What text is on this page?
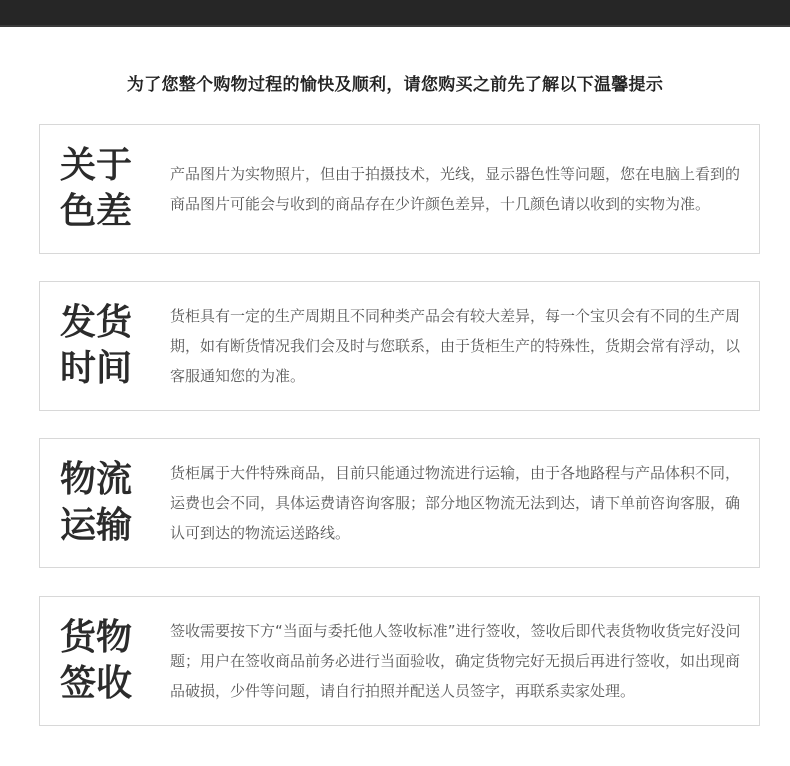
为了您整个购物过程的愉快及顺利，请您购买之前先了解以下温馨提示
关于色差
产品图片为实物照片，但由于拍摄技术，光线，显示器色性等问题，您在电脑上看到的商品图片可能会与收到的商品存在少许颜色差异，十几颜色请以收到的实物为准。
发货时间
货柜具有一定的生产周期且不同种类产品会有较大差异，每一个宝贝会有不同的生产周期，如有断货情况我们会及时与您联系，由于货柜生产的特殊性，货期会常有浮动，以客服通知您的为准。
物流运输
货柜属于大件特殊商品，目前只能通过物流进行运输，由于各地路程与产品体积不同，运费也会不同，具体运费请咨询客服；部分地区物流无法到达，请下单前咨询客服，确认可到达的物流运送路线。
货物签收
签收需要按下方“当面与委托他人签收标准”进行签收，签收后即代表货物收货完好没问题；用户在签收商品前务必进行当面验收，确定货物完好无损后再进行签收，如出现商品破损，少件等问题，请自行拍照并配送人员签字，再联系卖家处理。
